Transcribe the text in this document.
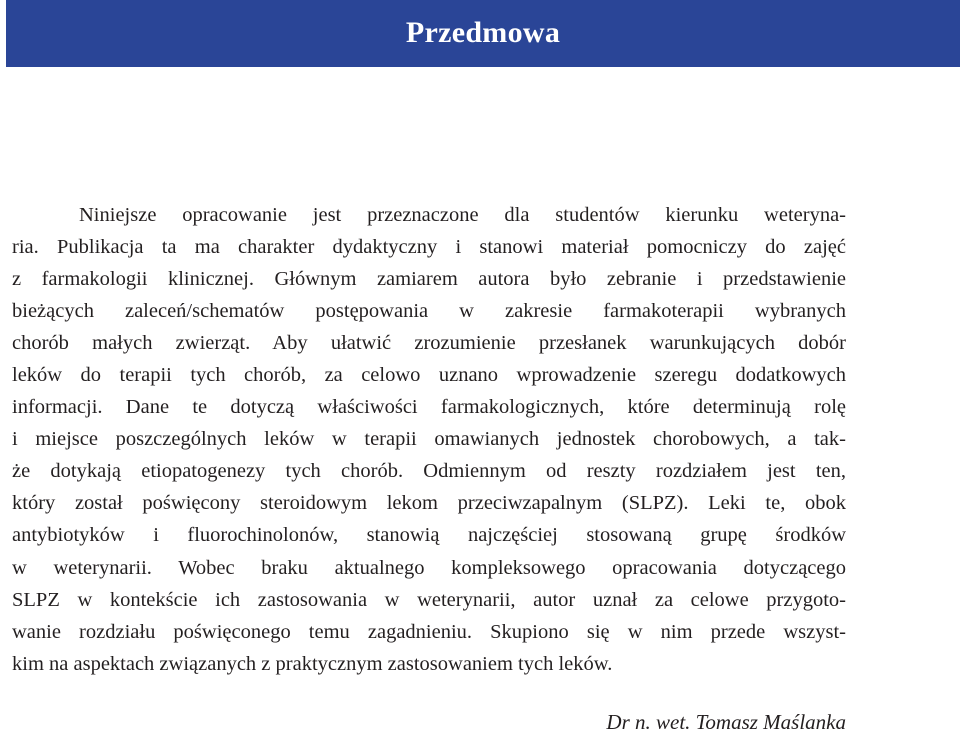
Przedmowa
Niniejsze opracowanie jest przeznaczone dla studentów kierunku weteryna-
ria. Publikacja ta ma charakter dydaktyczny i stanowi materiał pomocniczy do zajęć
z farmakologii klinicznej. Głównym zamiarem autora było zebranie i przedstawienie
bieżących zaleceń/schematów postępowania w zakresie farmakoterapii wybranych
chorób małych zwierząt. Aby ułatwić zrozumienie przesłanek warunkujących dobór
leków do terapii tych chorób, za celowo uznano wprowadzenie szeregu dodatkowych
informacji. Dane te dotyczą właściwości farmakologicznych, które determinują rolę
i miejsce poszczególnych leków w terapii omawianych jednostek chorobowych, a tak-
że dotykają etiopatogenezy tych chorób. Odmiennym od reszty rozdziałem jest ten,
który został poświęcony steroidowym lekom przeciwzapalnym (SLPZ). Leki te, obok
antybiotyków i fluorochinolonów, stanowią najczęściej stosowaną grupę środków
w weterynarii. Wobec braku aktualnego kompleksowego opracowania dotyczącego
SLPZ w kontekście ich zastosowania w weterynarii, autor uznał za celowe przygoto-
wanie rozdziału poświęconego temu zagadnieniu. Skupiono się w nim przede wszyst-
kim na aspektach związanych z praktycznym zastosowaniem tych leków.
Dr n. wet. Tomasz Maślanka
